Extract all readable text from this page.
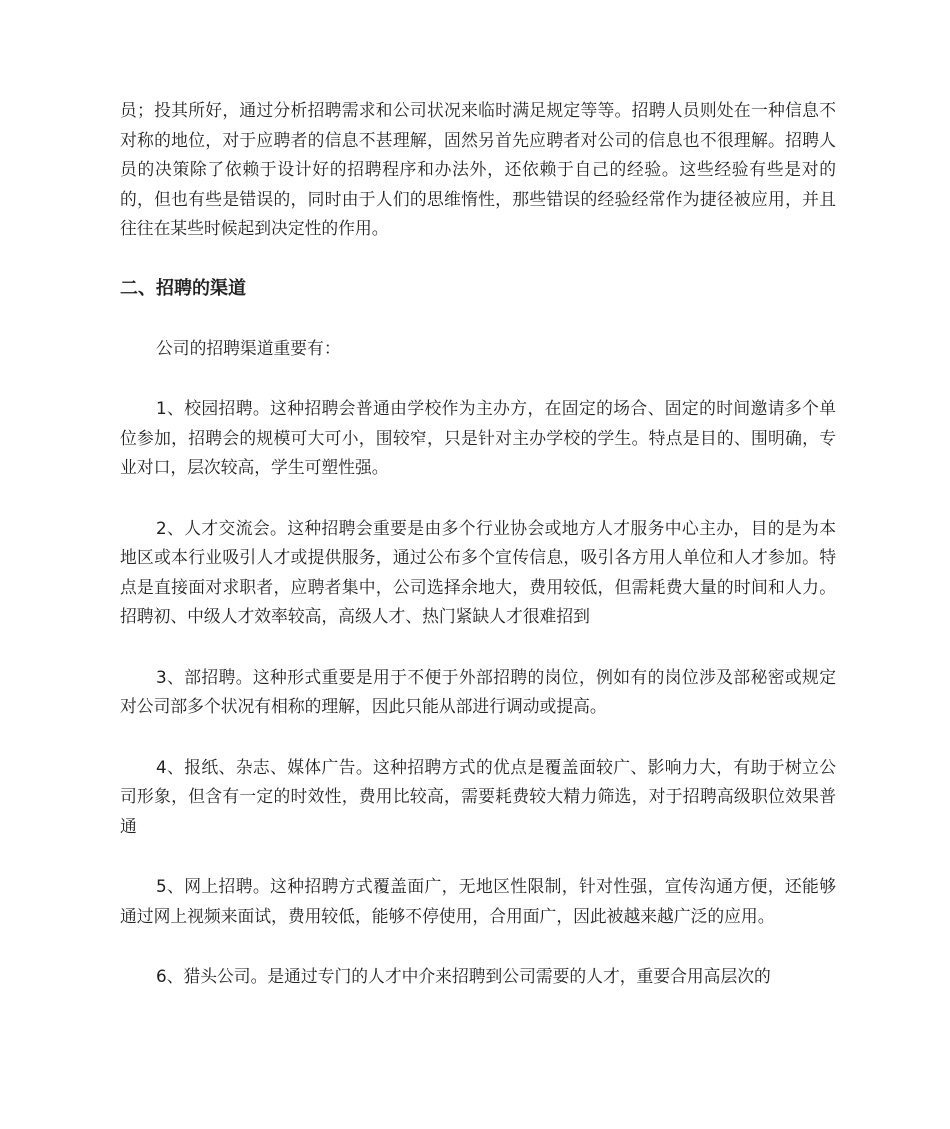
员；投其所好，通过分析招聘需求和公司状况来临时满足规定等等。招聘人员则处在一种信息不对称的地位，对于应聘者的信息不甚理解，固然另首先应聘者对公司的信息也不很理解。招聘人员的决策除了依赖于设计好的招聘程序和办法外，还依赖于自己的经验。这些经验有些是对的的，但也有些是错误的，同时由于人们的思维惰性，那些错误的经验经常作为捷径被应用，并且往往在某些时候起到决定性的作用。

二、招聘的渠道

公司的招聘渠道重要有：

1、校园招聘。这种招聘会普通由学校作为主办方，在固定的场合、固定的时间邀请多个单位参加，招聘会的规模可大可小，围较窄，只是针对主办学校的学生。特点是目的、围明确，专业对口，层次较高，学生可塑性强。

2、人才交流会。这种招聘会重要是由多个行业协会或地方人才服务中心主办，目的是为本地区或本行业吸引人才或提供服务，通过公布多个宣传信息，吸引各方用人单位和人才参加。特点是直接面对求职者，应聘者集中，公司选择余地大，费用较低，但需耗费大量的时间和人力。招聘初、中级人才效率较高，高级人才、热门紧缺人才很难招到

3、部招聘。这种形式重要是用于不便于外部招聘的岗位，例如有的岗位涉及部秘密或规定对公司部多个状况有相称的理解，因此只能从部进行调动或提高。

4、报纸、杂志、媒体广告。这种招聘方式的优点是覆盖面较广、影响力大，有助于树立公司形象，但含有一定的时效性，费用比较高，需要耗费较大精力筛选，对于招聘高级职位效果普通

5、网上招聘。这种招聘方式覆盖面广，无地区性限制，针对性强，宣传沟通方便，还能够通过网上视频来面试，费用较低，能够不停使用，合用面广，因此被越来越广泛的应用。

6、猎头公司。是通过专门的人才中介来招聘到公司需要的人才，重要合用高层次的
